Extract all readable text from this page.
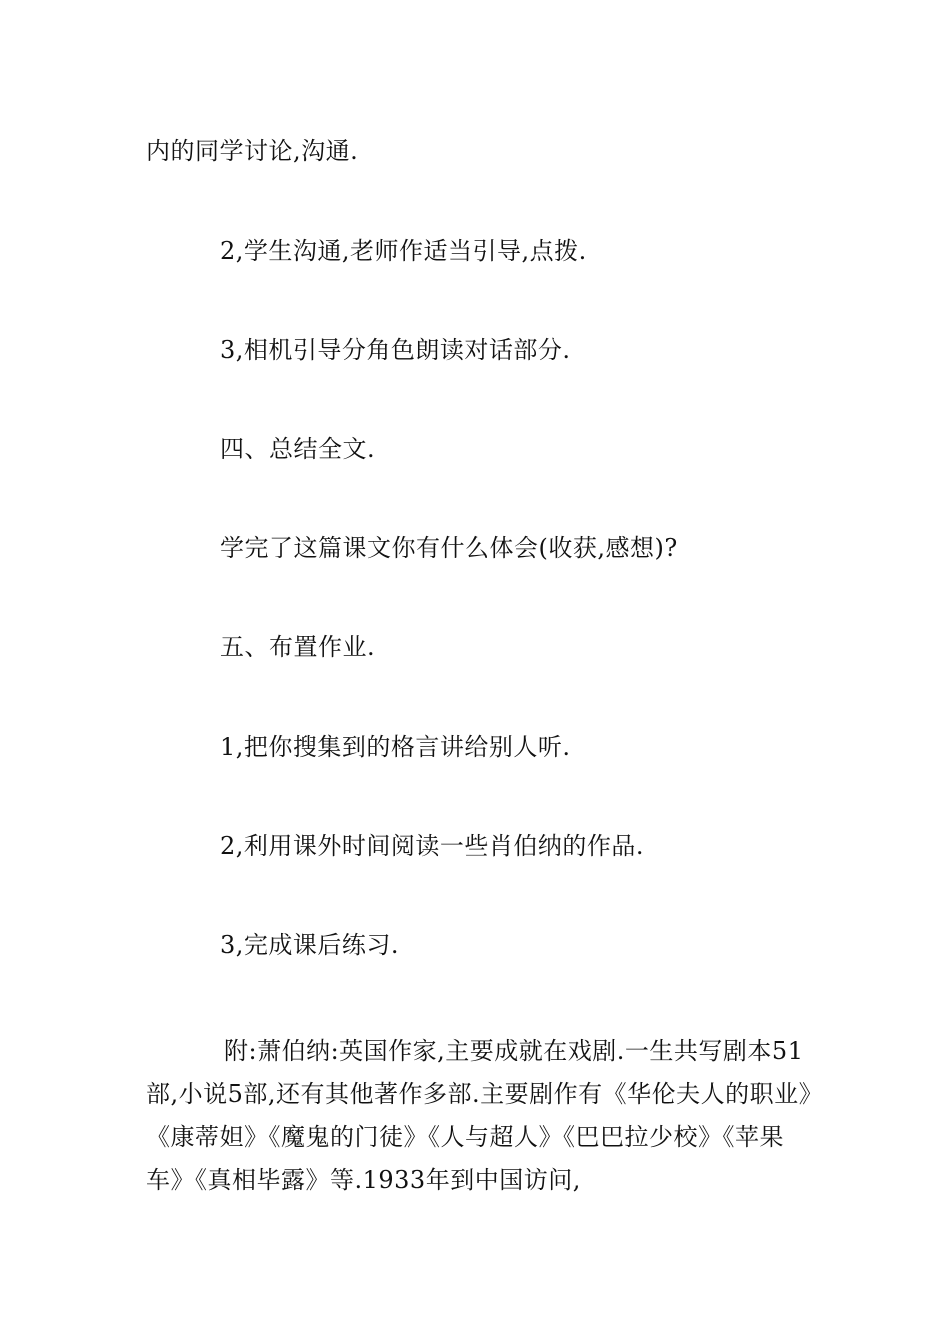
内的同学讨论,沟通.
2,学生沟通,老师作适当引导,点拨.
3,相机引导分角色朗读对话部分.
四、总结全文.
学完了这篇课文你有什么体会(收获,感想)?
五、布置作业.
1,把你搜集到的格言讲给别人听.
2,利用课外时间阅读一些肖伯纳的作品.
3,完成课后练习.
附:萧伯纳:英国作家,主要成就在戏剧.一生共写剧本51部,小说5部,还有其他著作多部.主要剧作有《华伦夫人的职业》《康蒂妲》《魔鬼的门徒》《人与超人》《巴巴拉少校》《苹果车》《真相毕露》等.1933年到中国访问,
